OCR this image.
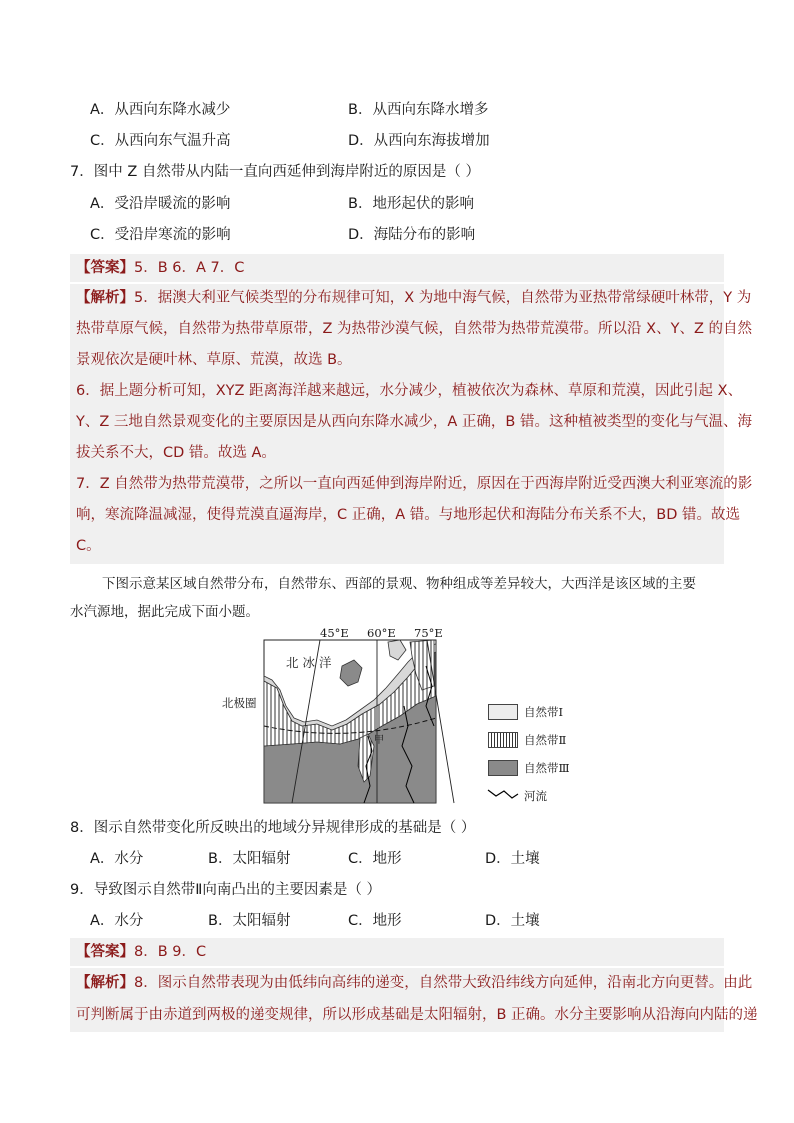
A．从西向东降水减少	B．从西向东降水增多
C．从西向东气温升高	D．从西向东海拔增加
7．图中 Z 自然带从内陆一直向西延伸到海岸附近的原因是（ ）
A．受沿岸暖流的影响	B．地形起伏的影响
C．受沿岸寒流的影响	D．海陆分布的影响
【答案】5．B 6．A 7．C
【解析】5．据澳大利亚气候类型的分布规律可知，X 为地中海气候，自然带为亚热带常绿硬叶林带，Y 为
热带草原气候，自然带为热带草原带，Z 为热带沙漠气候，自然带为热带荒漠带。所以沿 X、Y、Z 的自然
景观依次是硬叶林、草原、荒漠，故选 B。
6．据上题分析可知，XYZ 距离海洋越来越远，水分减少，植被依次为森林、草原和荒漠，因此引起 X、
Y、Z 三地自然景观变化的主要原因是从西向东降水减少，A 正确，B 错。这种植被类型的变化与气温、海
拔关系不大，CD 错。故选 A。
7．Z 自然带为热带荒漠带，之所以一直向西延伸到海岸附近，原因在于西海岸附近受西澳大利亚寒流的影
响，寒流降温减湿，使得荒漠直逼海岸，C 正确，A 错。与地形起伏和海陆分布关系不大，BD 错。故选
C。
下图示意某区域自然带分布，自然带东、西部的景观、物种组成等差异较大，大西洋是该区域的主要
水汽源地，据此完成下面小题。
45°E 60°E 75°E
北 冰 洋
北极圈
甲
自然带Ⅰ
自然带Ⅱ
自然带Ⅲ
河流
8．图示自然带变化所反映出的地域分异规律形成的基础是（ ）
A．水分	B．太阳辐射	C．地形	D．土壤
9．导致图示自然带Ⅱ向南凸出的主要因素是（ ）
A．水分	B．太阳辐射	C．地形	D．土壤
【答案】8．B 9．C
【解析】8．图示自然带表现为由低纬向高纬的递变，自然带大致沿纬线方向延伸，沿南北方向更替。由此
可判断属于由赤道到两极的递变规律，所以形成基础是太阳辐射，B 正确。水分主要影响从沿海向内陆的递
